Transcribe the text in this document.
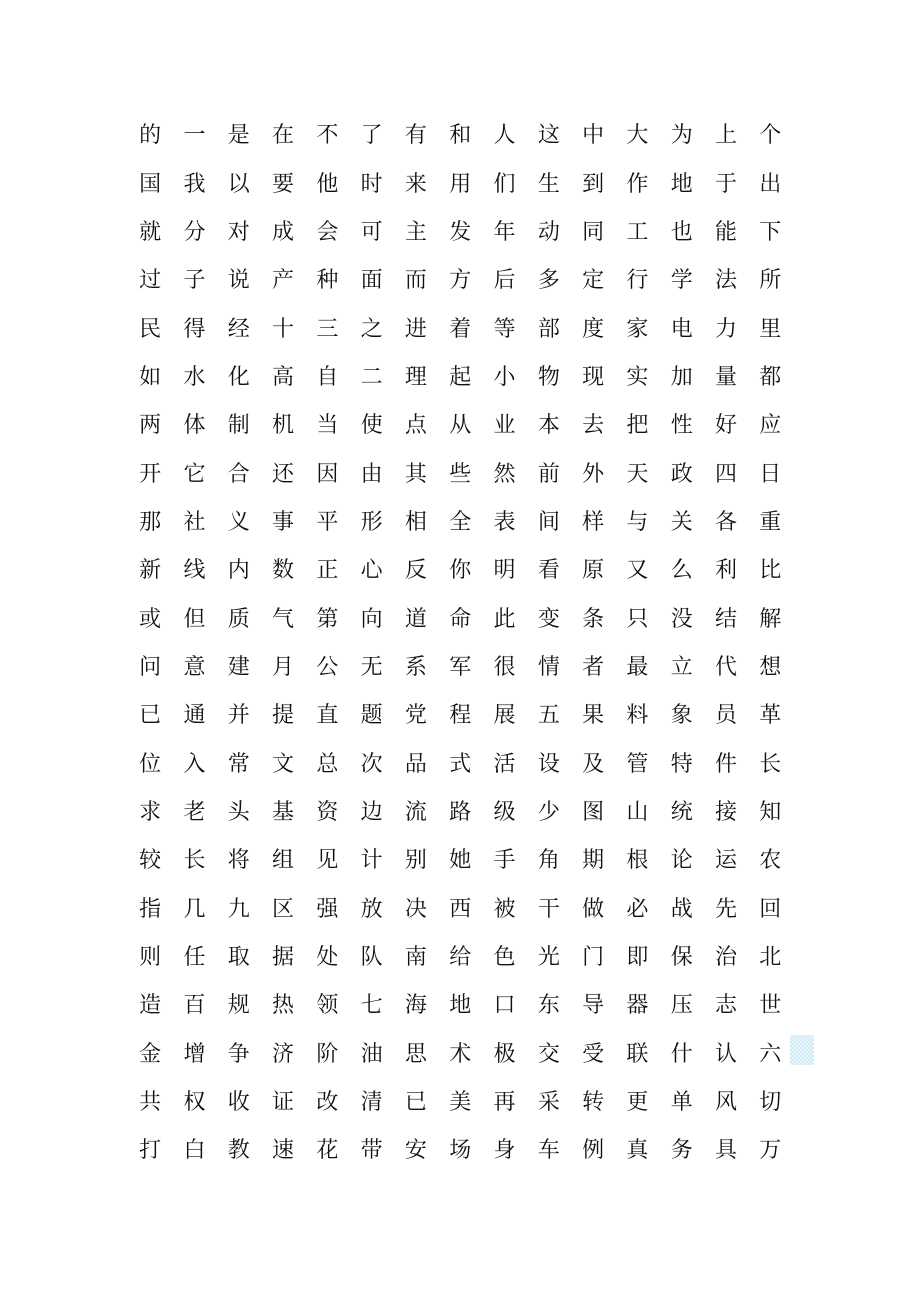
的	一	是	在	不	了	有	和	人	这	中	大	为	上	个
国	我	以	要	他	时	来	用	们	生	到	作	地	于	出
就	分	对	成	会	可	主	发	年	动	同	工	也	能	下
过	子	说	产	种	面	而	方	后	多	定	行	学	法	所
民	得	经	十	三	之	进	着	等	部	度	家	电	力	里
如	水	化	高	自	二	理	起	小	物	现	实	加	量	都
两	体	制	机	当	使	点	从	业	本	去	把	性	好	应
开	它	合	还	因	由	其	些	然	前	外	天	政	四	日
那	社	义	事	平	形	相	全	表	间	样	与	关	各	重
新	线	内	数	正	心	反	你	明	看	原	又	么	利	比
或	但	质	气	第	向	道	命	此	变	条	只	没	结	解
问	意	建	月	公	无	系	军	很	情	者	最	立	代	想
已	通	并	提	直	题	党	程	展	五	果	料	象	员	革
位	入	常	文	总	次	品	式	活	设	及	管	特	件	长
求	老	头	基	资	边	流	路	级	少	图	山	统	接	知
较	长	将	组	见	计	别	她	手	角	期	根	论	运	农
指	几	九	区	强	放	决	西	被	干	做	必	战	先	回
则	任	取	据	处	队	南	给	色	光	门	即	保	治	北
造	百	规	热	领	七	海	地	口	东	导	器	压	志	世
金	增	争	济	阶	油	思	术	极	交	受	联	什	认	六
共	权	收	证	改	清	已	美	再	采	转	更	单	风	切
打	白	教	速	花	带	安	场	身	车	例	真	务	具	万
